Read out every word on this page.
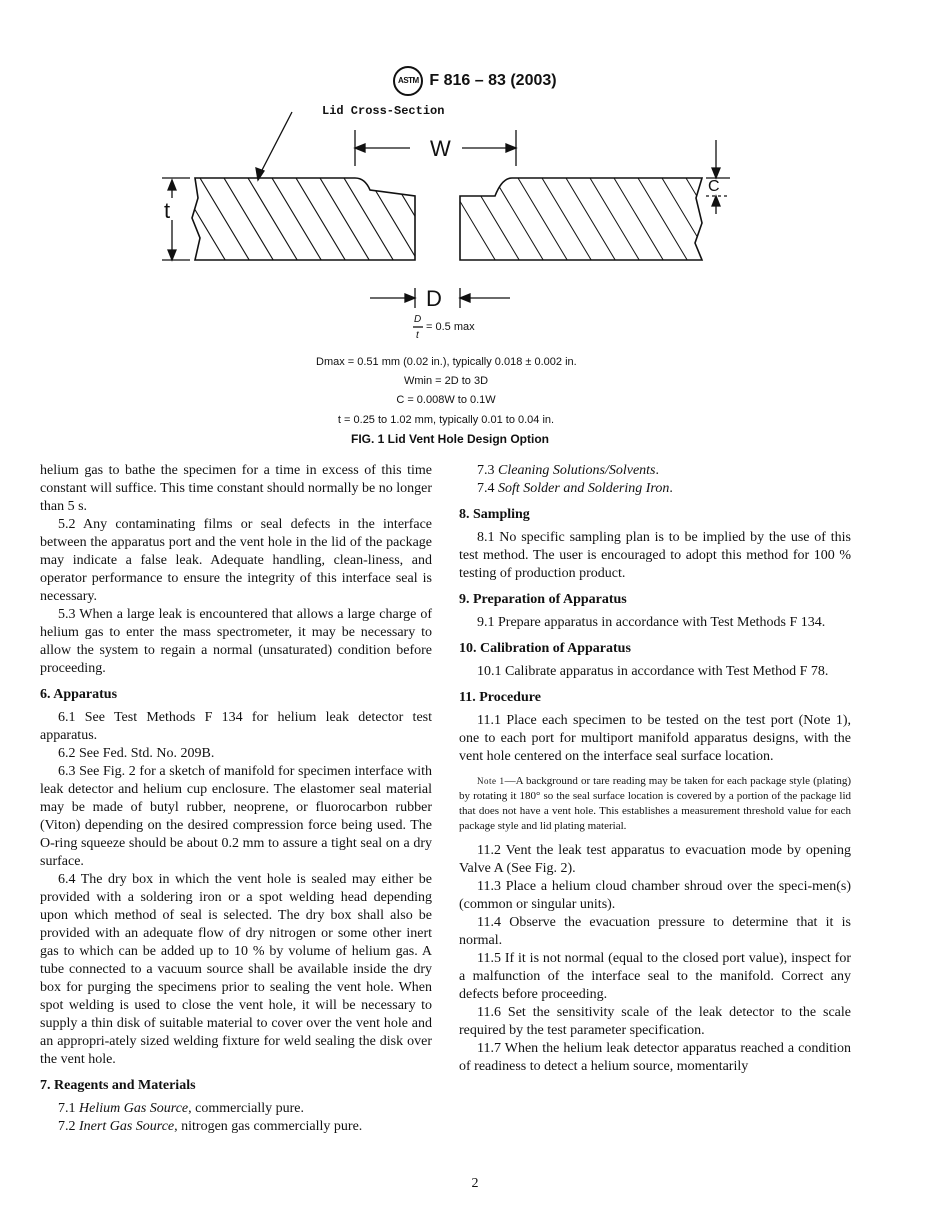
ASTM F 816 – 83 (2003)
Lid Cross-Section
W
t
C
D
D
t
= 0.5 max
Dmax = 0.51 mm (0.02 in.), typically 0.018 ± 0.002 in.
Wmin = 2D to 3D
C = 0.008W to 0.1W
t = 0.25 to 1.02 mm, typically 0.01 to 0.04 in.
FIG. 1 Lid Vent Hole Design Option

helium gas to bathe the specimen for a time in excess of this time constant will suffice. This time constant should normally be no longer than 5 s.

5.2 Any contaminating films or seal defects in the interface between the apparatus port and the vent hole in the lid of the package may indicate a false leak. Adequate handling, clean-liness, and operator performance to ensure the integrity of this interface seal is necessary.

5.3 When a large leak is encountered that allows a large charge of helium gas to enter the mass spectrometer, it may be necessary to allow the system to regain a normal (unsaturated) condition before proceeding.

6. Apparatus

6.1 See Test Methods F 134 for helium leak detector test apparatus.

6.2 See Fed. Std. No. 209B.

6.3 See Fig. 2 for a sketch of manifold for specimen interface with leak detector and helium cup enclosure. The elastomer seal material may be made of butyl rubber, neoprene, or fluorocarbon rubber (Viton) depending on the desired compression force being used. The O-ring squeeze should be about 0.2 mm to assure a tight seal on a dry surface.

6.4 The dry box in which the vent hole is sealed may either be provided with a soldering iron or a spot welding head depending upon which method of seal is selected. The dry box shall also be provided with an adequate flow of dry nitrogen or some other inert gas to which can be added up to 10 % by volume of helium gas. A tube connected to a vacuum source shall be available inside the dry box for purging the specimens prior to sealing the vent hole. When spot welding is used to close the vent hole, it will be necessary to supply a thin disk of suitable material to cover over the vent hole and an appropri-ately sized welding fixture for weld sealing the disk over the vent hole.

7. Reagents and Materials

7.1 Helium Gas Source, commercially pure.

7.2 Inert Gas Source, nitrogen gas commercially pure.

7.3 Cleaning Solutions/Solvents.

7.4 Soft Solder and Soldering Iron.

8. Sampling

8.1 No specific sampling plan is to be implied by the use of this test method. The user is encouraged to adopt this method for 100 % testing of production product.

9. Preparation of Apparatus

9.1 Prepare apparatus in accordance with Test Methods F 134.

10. Calibration of Apparatus

10.1 Calibrate apparatus in accordance with Test Method F 78.

11. Procedure

11.1 Place each specimen to be tested on the test port (Note 1), one to each port for multiport manifold apparatus designs, with the vent hole centered on the interface seal surface location.

Note 1—A background or tare reading may be taken for each package style (plating) by rotating it 180° so the seal surface location is covered by a portion of the package lid that does not have a vent hole. This establishes a measurement threshold value for each package style and lid plating material.

11.2 Vent the leak test apparatus to evacuation mode by opening Valve A (See Fig. 2).

11.3 Place a helium cloud chamber shroud over the speci-men(s) (common or singular units).

11.4 Observe the evacuation pressure to determine that it is normal.

11.5 If it is not normal (equal to the closed port value), inspect for a malfunction of the interface seal to the manifold. Correct any defects before proceeding.

11.6 Set the sensitivity scale of the leak detector to the scale required by the test parameter specification.

11.7 When the helium leak detector apparatus reached a condition of readiness to detect a helium source, momentarily

2
